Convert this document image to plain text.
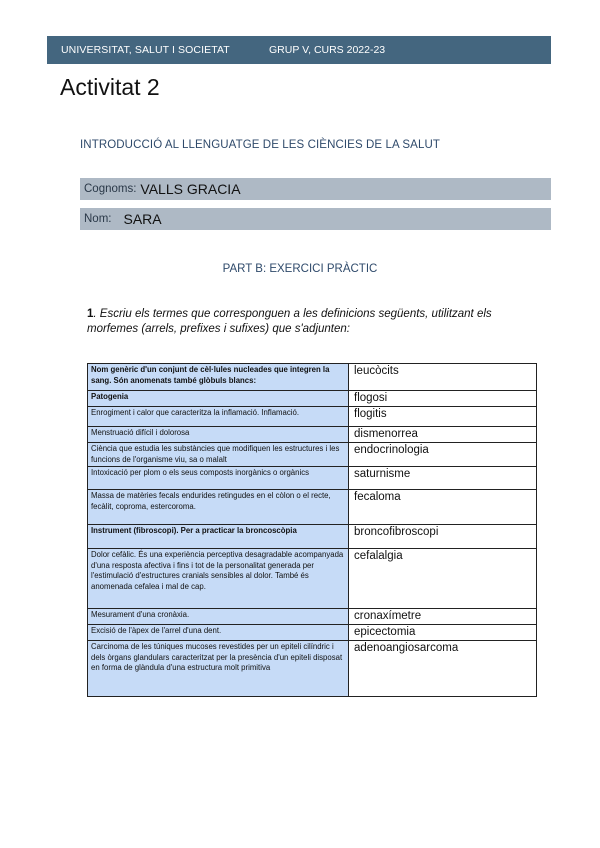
UNIVERSITAT, SALUT I SOCIETAT	GRUP V, CURS 2022-23
Activitat 2
INTRODUCCIÓ AL LLENGUATGE DE LES CIÈNCIES DE LA SALUT
Cognoms: VALLS GRACIA
Nom: SARA
PART B: EXERCICI PRÀCTIC
1. Escriu els termes que corresponguen a les definicions següents, utilitzant els morfemes (arrels, prefixes i sufixes) que s'adjunten:
Nom genèric d'un conjunt de cèl·lules nucleades que integren la sang. Són anomenats també glòbuls blancs:	leucòcits
Patogenia	flogosi
Enrogiment i calor que caracteritza la inflamació. Inflamació.	flogitis
Menstruació difícil i dolorosa	dismenorrea
Ciència que estudia les substàncies que modifiquen les estructures i les funcions de l'organisme viu, sa o malalt	endocrinologia
Intoxicació per plom o els seus composts inorgànics o orgànics	saturnisme
Massa de matèries fecals endurides retingudes en el còlon o el recte, fecàlit, coproma, estercoroma.	fecaloma
Instrument (fibroscopi). Per a practicar la broncoscòpia	broncofibroscopi
Dolor cefàlic. És una experiència perceptiva desagradable acompanyada d'una resposta afectiva i fins i tot de la personalitat generada per l'estimulació d'estructures cranials sensibles al dolor. També és anomenada cefalea i mal de cap.	cefalalgia
Mesurament d'una cronàxia.	cronaxímetre
Excisió de l'àpex de l'arrel d'una dent.	epicectomia
Carcinoma de les túniques mucoses revestides per un epiteli cilíndric i dels òrgans glandulars caracteritzat per la presència d'un epiteli disposat en forma de glàndula d'una estructura molt primitiva	adenoangiosarcoma
